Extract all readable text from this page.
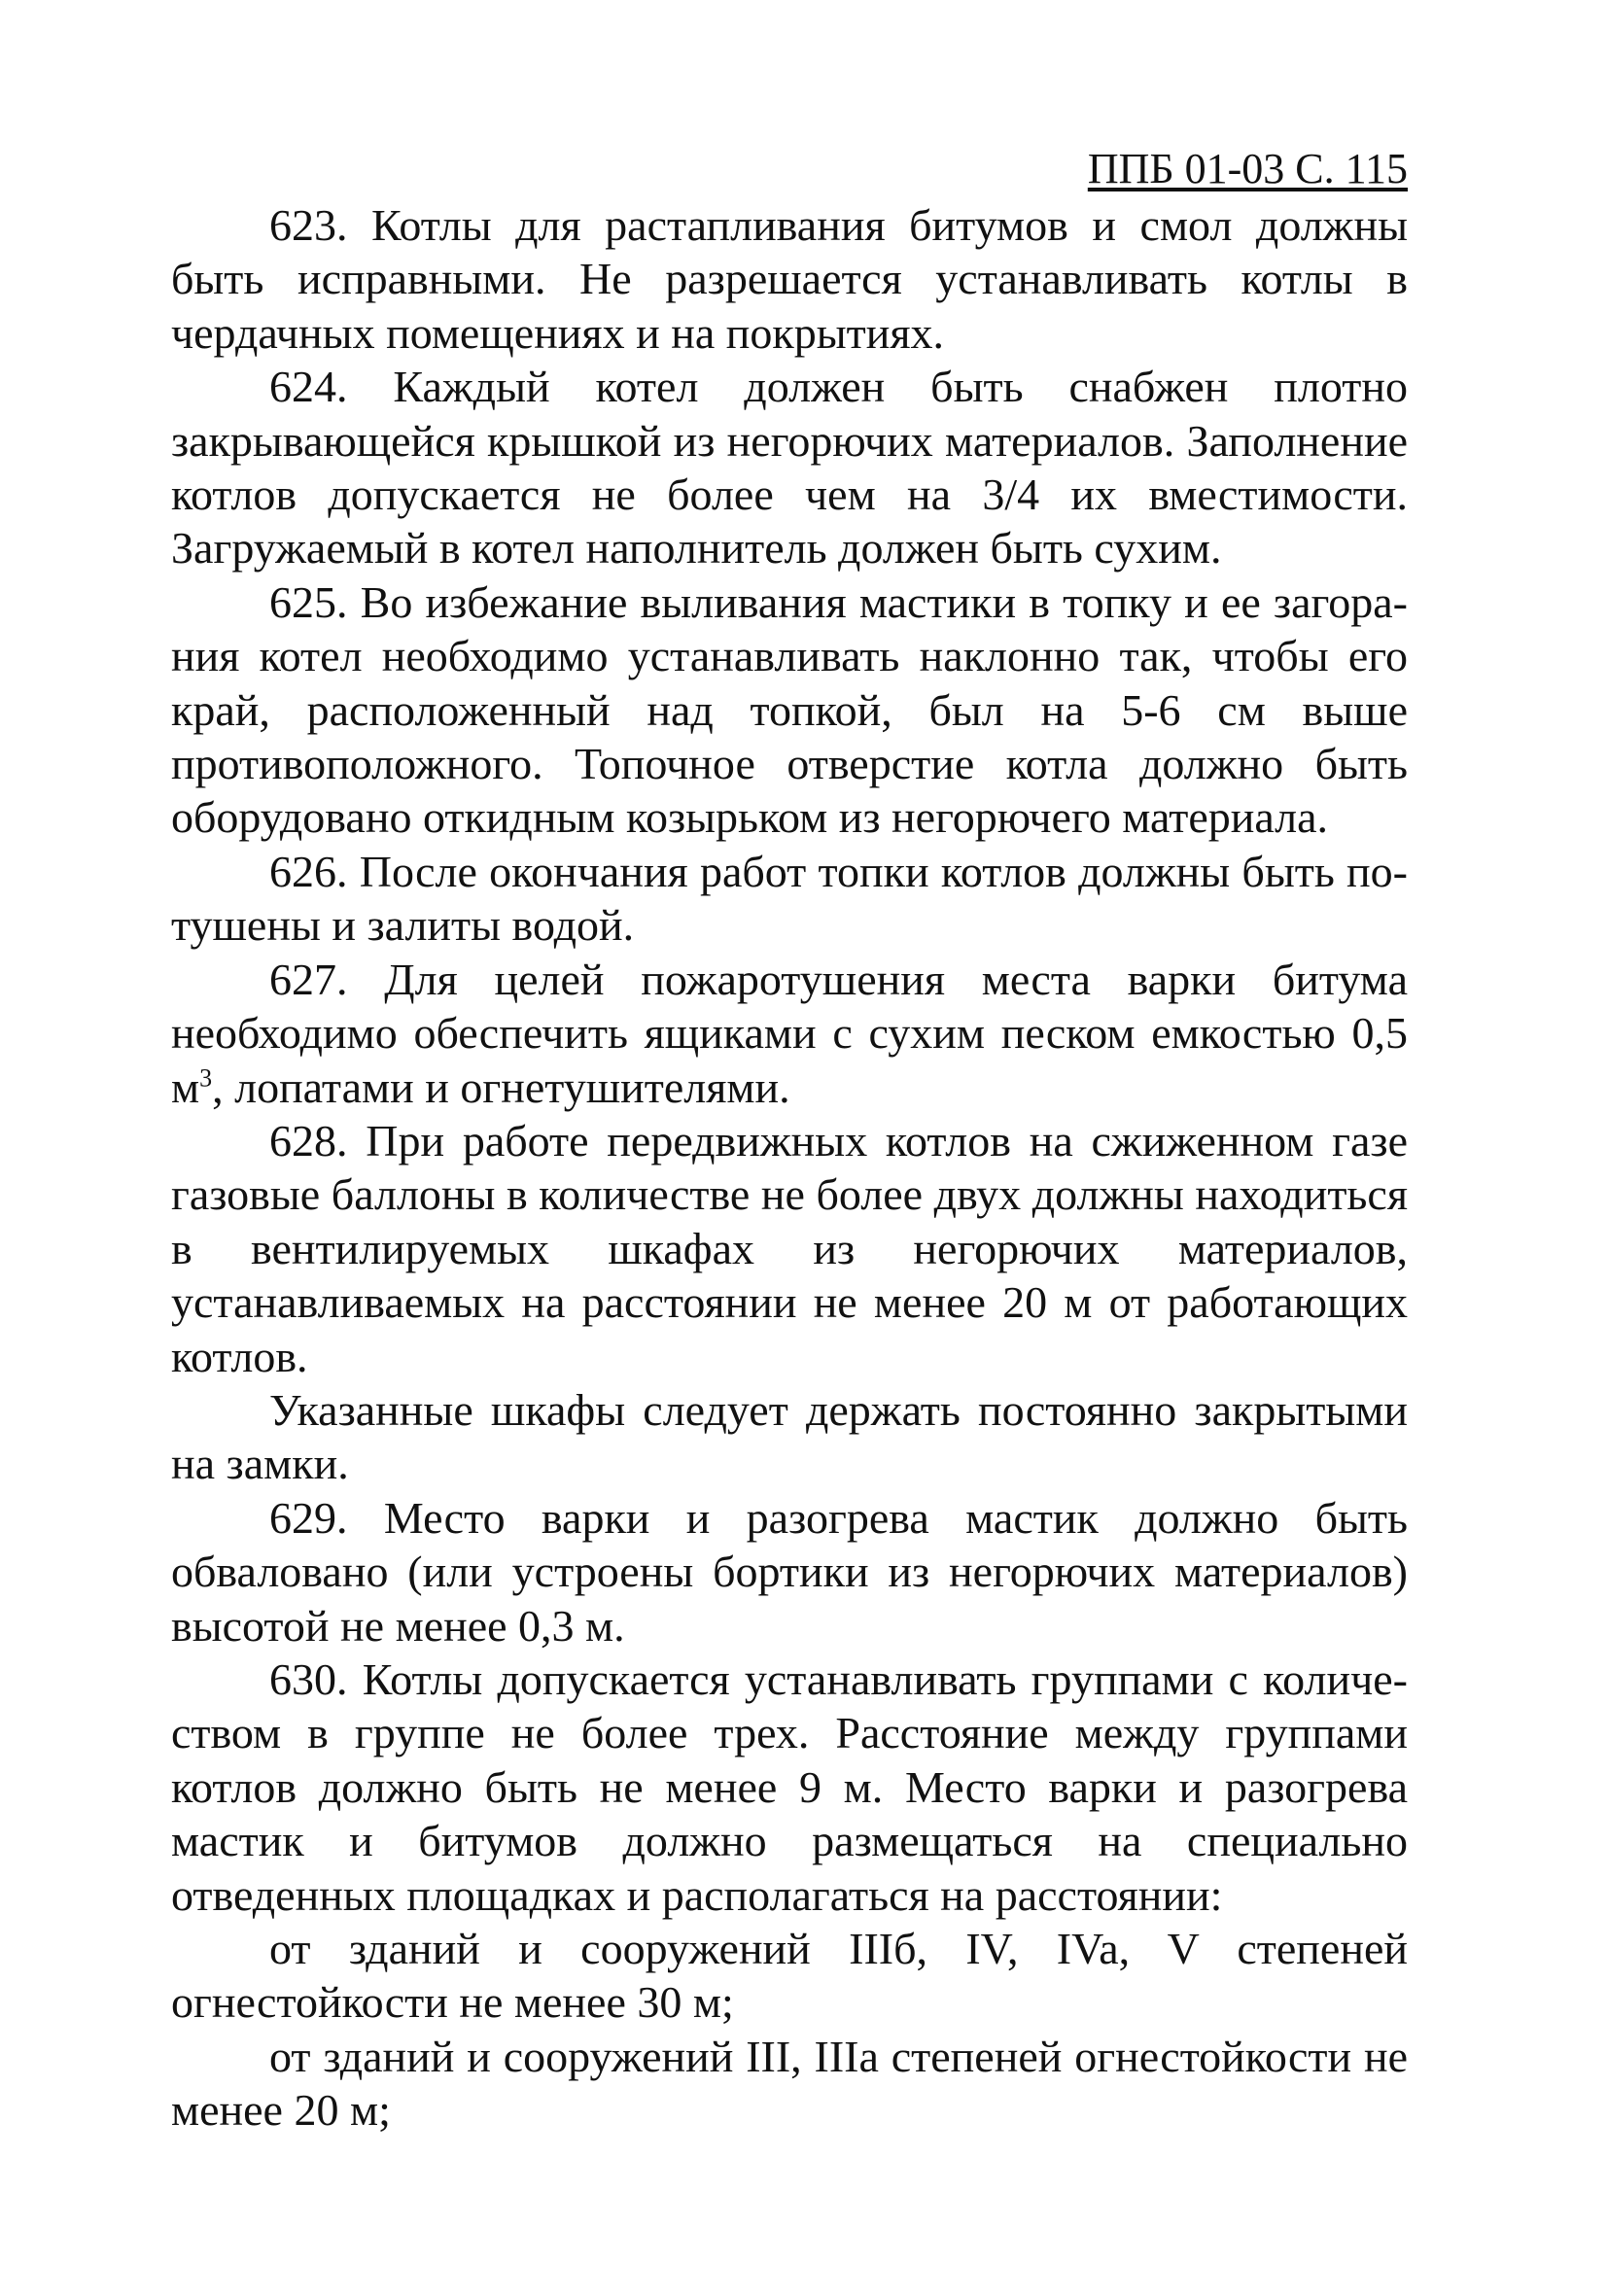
ППБ 01-03 С. 115

623. Котлы для растапливания битумов и смол должны быть исправными. Не разрешается устанавливать котлы в чердачных помещениях и на покрытиях.

624. Каждый котел должен быть снабжен плотно закрывающейся крышкой из негорючих материалов. Заполнение котлов допускается не более чем на 3/4 их вместимости. Загружаемый в котел наполнитель должен быть сухим.

625. Во избежание выливания мастики в топку и ее загорания котел необходимо устанавливать наклонно так, чтобы его край, расположенный над топкой, был на 5-6 см выше противоположного. Топочное отверстие котла должно быть оборудовано откидным козырьком из негорючего материала.

626. После окончания работ топки котлов должны быть потушены и залиты водой.

627. Для целей пожаротушения места варки битума необходимо обеспечить ящиками с сухим песком емкостью 0,5 $м^3$, лопатами и огнетушителями.

628. При работе передвижных котлов на сжиженном газе газовые баллоны в количестве не более двух должны находиться в вентилируемых шкафах из негорючих материалов, устанавливаемых на расстоянии не менее 20 м от работающих котлов.

Указанные шкафы следует держать постоянно закрытыми на замки.

629. Место варки и разогрева мастик должно быть обваловано (или устроены бортики из негорючих материалов) высотой не менее 0,3 м.

630. Котлы допускается устанавливать группами с количеством в группе не более трех. Расстояние между группами котлов должно быть не менее 9 м. Место варки и разогрева мастик и битумов должно размещаться на специально отведенных площадках и располагаться на расстоянии:

от зданий и сооружений IIIб, IV, IVa, V степеней огнестойкости не менее 30 м;

от зданий и сооружений III, IIIa степеней огнестойкости не менее 20 м;
